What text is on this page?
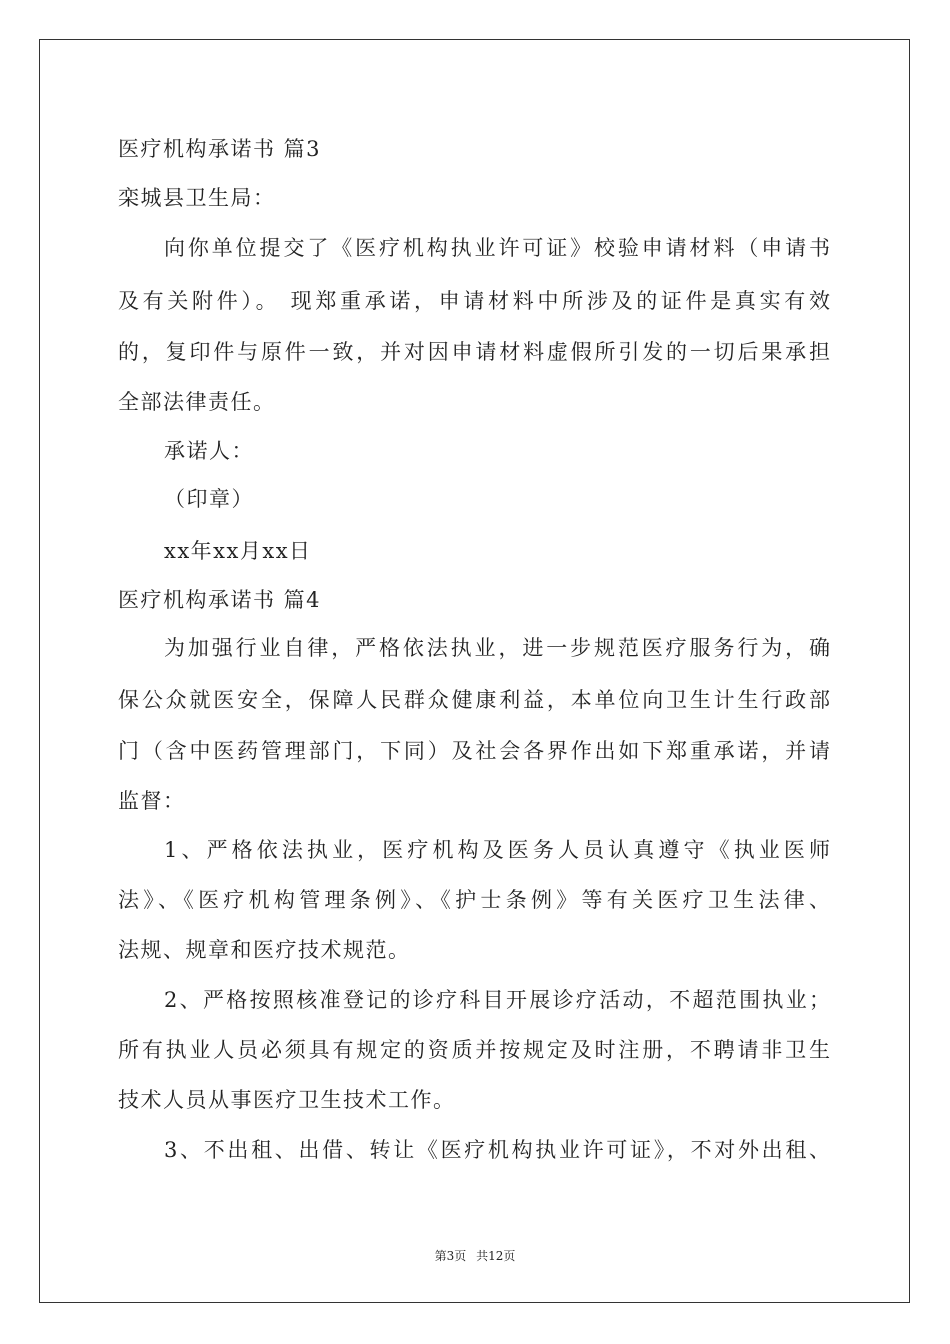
医疗机构承诺书 篇3
栾城县卫生局：
向你单位提交了《医疗机构执业许可证》校验申请材料（申请书
及有关附件）。 现郑重承诺，申请材料中所涉及的证件是真实有效
的，复印件与原件一致，并对因申请材料虚假所引发的一切后果承担
全部法律责任。
承诺人：
（印章）
xx年xx月xx日
医疗机构承诺书 篇4
为加强行业自律，严格依法执业，进一步规范医疗服务行为，确
保公众就医安全，保障人民群众健康利益，本单位向卫生计生行政部
门（含中医药管理部门，下同）及社会各界作出如下郑重承诺，并请
监督：
1、严格依法执业，医疗机构及医务人员认真遵守《执业医师
法》、《医疗机构管理条例》、《护士条例》等有关医疗卫生法律、
法规、规章和医疗技术规范。
2、严格按照核准登记的诊疗科目开展诊疗活动，不超范围执业；
所有执业人员必须具有规定的资质并按规定及时注册，不聘请非卫生
技术人员从事医疗卫生技术工作。
3、不出租、出借、转让《医疗机构执业许可证》，不对外出租、
第3页 共12页
